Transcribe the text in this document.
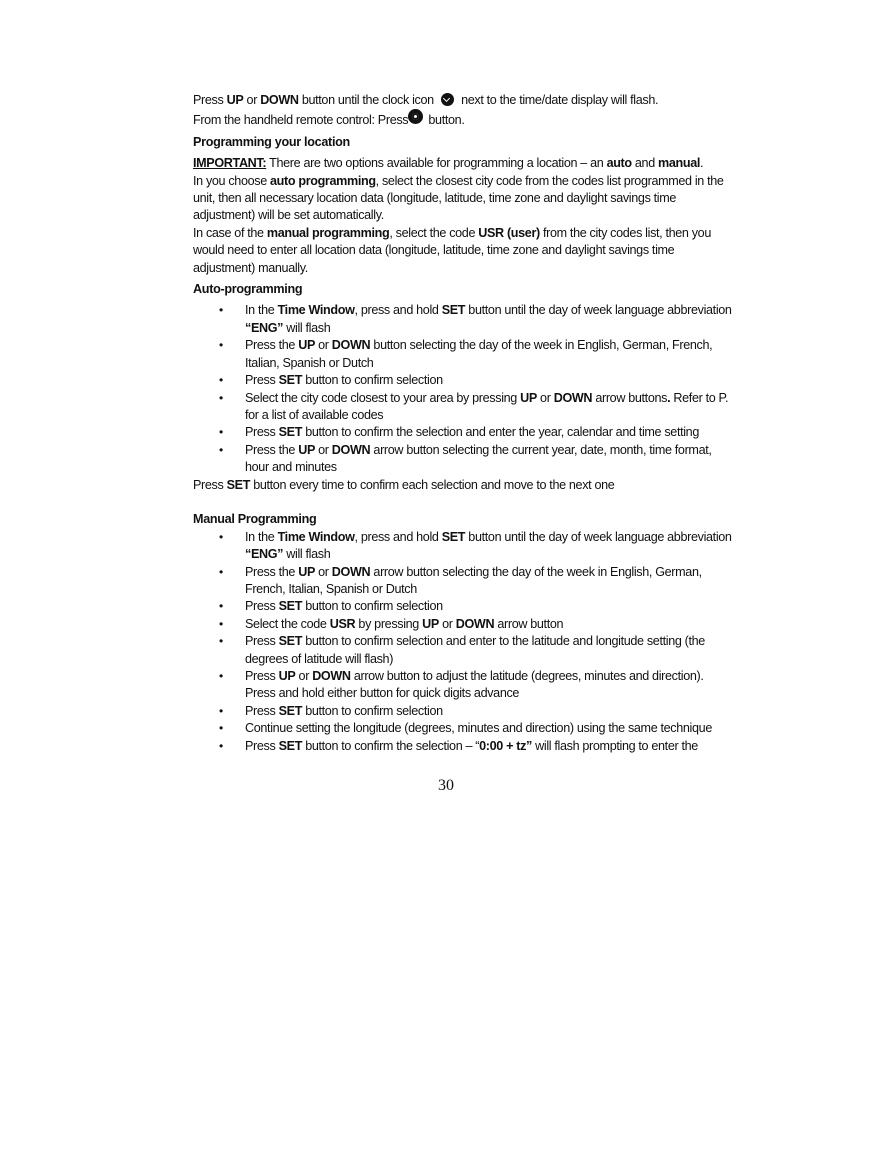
Press UP or DOWN button until the clock icon  next to the time/date display will flash.

From the handheld remote control: Press button.

Programming your location

IMPORTANT: There are two options available for programming a location – an auto and manual.

In you choose auto programming, select the closest city code from the codes list programmed in the unit, then all necessary location data (longitude, latitude, time zone and daylight savings time adjustment) will be set automatically.

In case of the manual programming, select the code USR (user) from the city codes list, then you would need to enter all location data (longitude, latitude, time zone and daylight savings time adjustment) manually.

Auto-programming

• In the Time Window, press and hold SET button until the day of week language abbreviation “ENG” will flash
• Press the UP or DOWN button selecting the day of the week in English, German, French, Italian, Spanish or Dutch
• Press SET button to confirm selection
• Select the city code closest to your area by pressing UP or DOWN arrow buttons. Refer to P. for a list of available codes
• Press SET button to confirm the selection and enter the year, calendar and time setting
• Press the UP or DOWN arrow button selecting the current year, date, month, time format, hour and minutes

Press SET button every time to confirm each selection and move to the next one

Manual Programming

• In the Time Window, press and hold SET button until the day of week language abbreviation “ENG” will flash
• Press the UP or DOWN arrow button selecting the day of the week in English, German, French, Italian, Spanish or Dutch
• Press SET button to confirm selection
• Select the code USR by pressing UP or DOWN arrow button
• Press SET button to confirm selection and enter to the latitude and longitude setting (the degrees of latitude will flash)
• Press UP or DOWN arrow button to adjust the latitude (degrees, minutes and direction). Press and hold either button for quick digits advance
• Press SET button to confirm selection
• Continue setting the longitude (degrees, minutes and direction) using the same technique
• Press SET button to confirm the selection – “0:00 + tz” will flash prompting to enter the
30
